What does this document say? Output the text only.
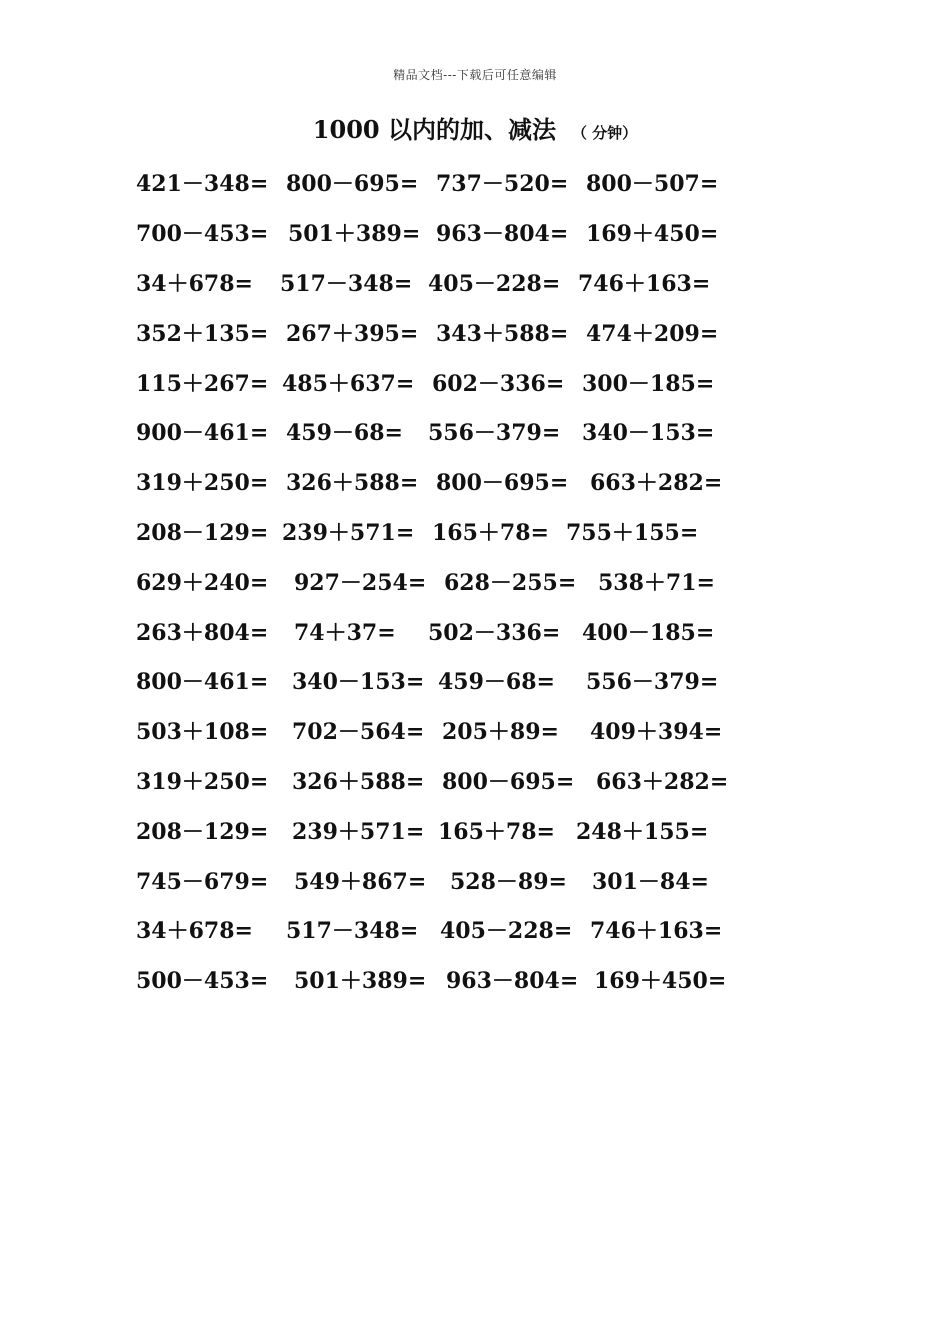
精品文档---下载后可任意编辑
1000 以内的加、减法 （ 分钟）
421－348= 800－695= 737－520= 800－507=
700－453= 501＋389= 963－804= 169＋450=
34＋678=	517－348= 405－228= 746＋163=
352＋135= 267＋395= 343＋588= 474＋209=
115＋267= 485＋637= 602－336= 300－185=
900－461= 459－68=	556－379= 340－153=
319＋250= 326＋588= 800－695= 663＋282=
208－129= 239＋571= 165＋78= 755＋155=
629＋240=	927－254= 628－255= 538＋71=
263＋804=	74＋37=	502－336= 400－185=
800－461=	340－153= 459－68=	556－379=
503＋108=	702－564= 205＋89=	409＋394=
319＋250=	326＋588= 800－695= 663＋282=
208－129=	239＋571= 165＋78= 248＋155=
745－679=	549＋867=	528－89=	301－84=
34＋678=	517－348= 405－228= 746＋163=
500－453=	501＋389= 963－804= 169＋450=
